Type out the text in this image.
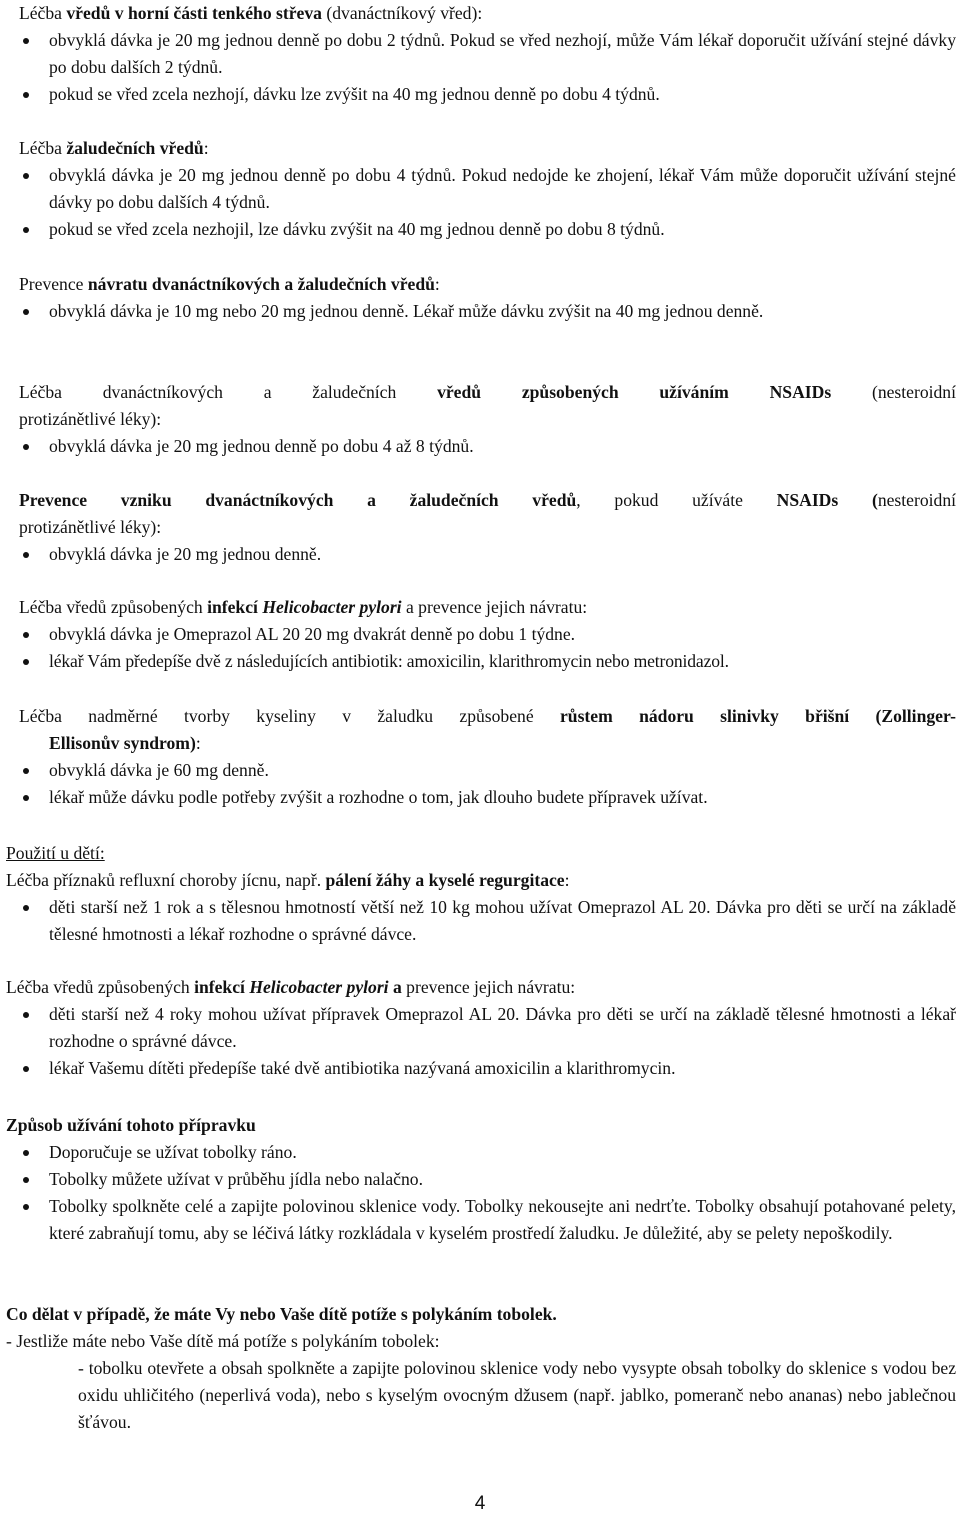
Léčba vředů v horní části tenkého střeva (dvanáctníkový vřed):

obvyklá dávka je 20 mg jednou denně po dobu 2 týdnů. Pokud se vřed nezhojí, může Vám lékař doporučit užívání stejné dávky po dobu dalších 2 týdnů.
pokud se vřed zcela nezhojí, dávku lze zvýšit na 40 mg jednou denně po dobu 4 týdnů.

Léčba žaludečních vředů:

obvyklá dávka je 20 mg jednou denně po dobu 4 týdnů. Pokud nedojde ke zhojení, lékař Vám může doporučit užívání stejné dávky po dobu dalších 4 týdnů.
pokud se vřed zcela nezhojil, lze dávku zvýšit na 40 mg jednou denně po dobu 8 týdnů.

Prevence návratu dvanáctníkových a žaludečních vředů:

obvyklá dávka je 10 mg nebo 20 mg jednou denně. Lékař může dávku zvýšit na 40 mg jednou denně.

Léčba dvanáctníkových a žaludečních vředů způsobených užíváním NSAIDs (nesteroidní
protizánětlivé léky):

obvyklá dávka je 20 mg jednou denně po dobu 4 až 8 týdnů.

Prevence vzniku dvanáctníkových a žaludečních vředů, pokud užíváte NSAIDs (nesteroidní
protizánětlivé léky):

obvyklá dávka je 20 mg jednou denně.

Léčba vředů způsobených infekcí Helicobacter pylori a prevence jejich návratu:

obvyklá dávka je Omeprazol AL 20 20 mg dvakrát denně po dobu 1 týdne.
lékař Vám předepíše dvě z následujících antibiotik: amoxicilin, klarithromycin nebo metronidazol.

Léčba nadměrné tvorby kyseliny v žaludku způsobené růstem nádoru slinivky břišní (Zollinger-
Ellisonův syndrom):

obvyklá dávka je 60 mg denně.
lékař může dávku podle potřeby zvýšit a rozhodne o tom, jak dlouho budete přípravek užívat.

Použití u dětí:

Léčba příznaků refluxní choroby jícnu, např. pálení žáhy a kyselé regurgitace:

děti starší než 1 rok a s tělesnou hmotností větší než 10 kg mohou užívat Omeprazol AL 20. Dávka pro děti se určí na základě tělesné hmotnosti a lékař rozhodne o správné dávce.

Léčba vředů způsobených infekcí Helicobacter pylori a prevence jejich návratu:

děti starší než 4 roky mohou užívat přípravek Omeprazol AL 20. Dávka pro děti se určí na základě tělesné hmotnosti a lékař rozhodne o správné dávce.
lékař Vašemu dítěti předepíše také dvě antibiotika nazývaná amoxicilin a klarithromycin.

Způsob užívání tohoto přípravku

Doporučuje se užívat tobolky ráno.
Tobolky můžete užívat v průběhu jídla nebo nalačno.
Tobolky spolkněte celé a zapijte polovinou sklenice vody. Tobolky nekousejte ani nedrťte. Tobolky obsahují potahované pelety, které zabraňují tomu, aby se léčivá látky rozkládala v kyselém prostředí žaludku. Je důležité, aby se pelety nepoškodily.

Co dělat v případě, že máte Vy nebo Vaše dítě potíže s polykáním tobolek.

- Jestliže máte nebo Vaše dítě má potíže s polykáním tobolek:

- tobolku otevřete a obsah spolkněte a zapijte polovinou sklenice vody nebo vysypte obsah tobolky do sklenice s vodou bez oxidu uhličitého (neperlivá voda), nebo s kyselým ovocným džusem (např. jablko, pomeranč nebo ananas) nebo jablečnou šťávou.

4
